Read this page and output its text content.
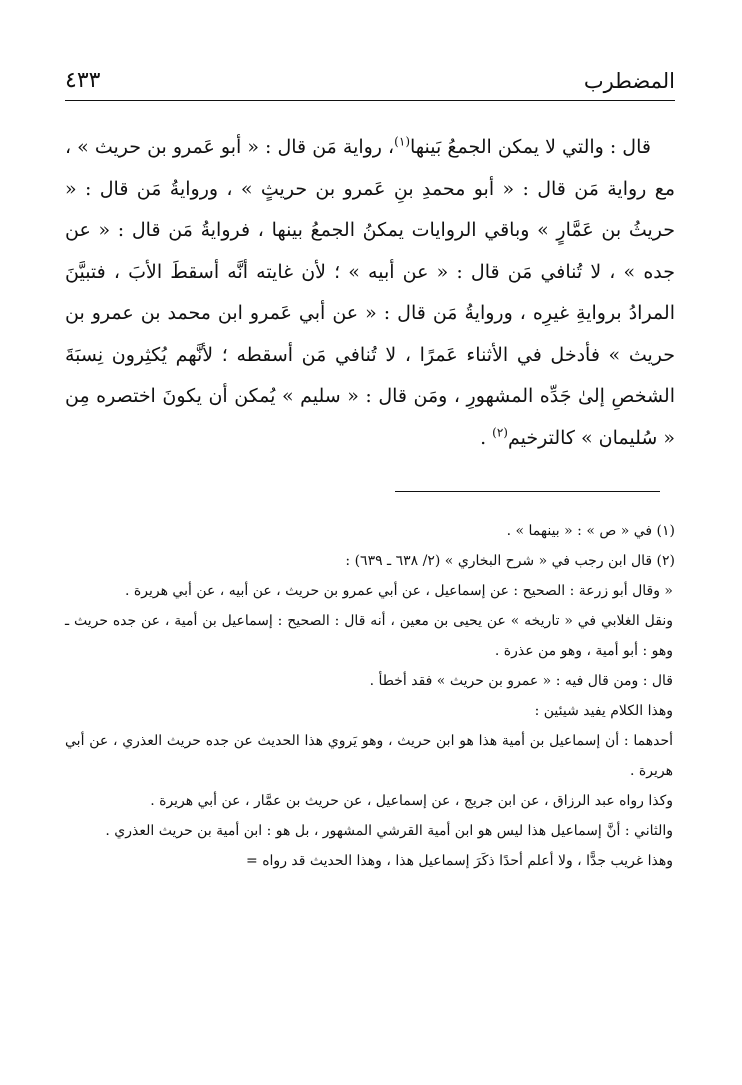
المضطرب
٤٣٣

قال : والتي لا يمكن الجمعُ بَينها$^{(١)}$، رواية مَن قال : « أبو عَمرو بن حريث » ، مع رواية مَن قال : « أبو محمدِ بنِ عَمرو بن حريثٍ » ، وروايةُ مَن قال : « حريثُ بن عَمَّارٍ » وباقي الروايات يمكنُ الجمعُ بينها ، فروايةُ مَن قال : « عن جده » ، لا تُنافي مَن قال : « عن أبيه » ؛ لأن غايته أنَّه أسقطَ الأبَ ، فتبيَّنَ المرادُ بروايةِ غيرِه ، وروايةُ مَن قال : « عن أبي عَمرو ابن محمد بن عمرو بن حريث » فأدخل في الأثناء عَمرًا ، لا تُنافي مَن أسقطه ؛ لأنَّهم يُكثِرون نِسبَةَ الشخصِ إلىٰ جَدِّه المشهورِ ، ومَن قال : « سليم » يُمكن أن يكونَ اختصره مِن « سُليمان » كالترخيم$^{(٢)}$ .

(١) في « ص » : « بينهما » .

(٢) قال ابن رجب في « شرح البخاري » (٢/ ٦٣٨ ـ ٦٣٩) :

« وقال أبو زرعة : الصحيح : عن إسماعيل ، عن أبي عمرو بن حريث ، عن أبيه ، عن أبي هريرة .

ونقل الغلابي في « تاريخه » عن يحيى بن معين ، أنه قال : الصحيح : إسماعيل بن أمية ، عن جده حريث ـ وهو : أبو أمية ، وهو من عذرة .

قال : ومن قال فيه : « عمرو بن حريث » فقد أخطأ .

وهذا الكلام يفيد شيئين :

أحدهما : أن إسماعيل بن أمية هذا هو ابن حريث ، وهو يَروي هذا الحديث عن جده حريث العذري ، عن أبي هريرة .

وكذا رواه عبد الرزاق ، عن ابن جريج ، عن إسماعيل ، عن حريث بن عمَّار ، عن أبي هريرة .

والثاني : أنَّ إسماعيل هذا ليس هو ابن أمية القرشي المشهور ، بل هو : ابن أمية بن حريث العذري .

وهذا غريب جدًّا ، ولا أعلم أحدًا ذكَرَ إسماعيل هذا ، وهذا الحديث قد رواه =
